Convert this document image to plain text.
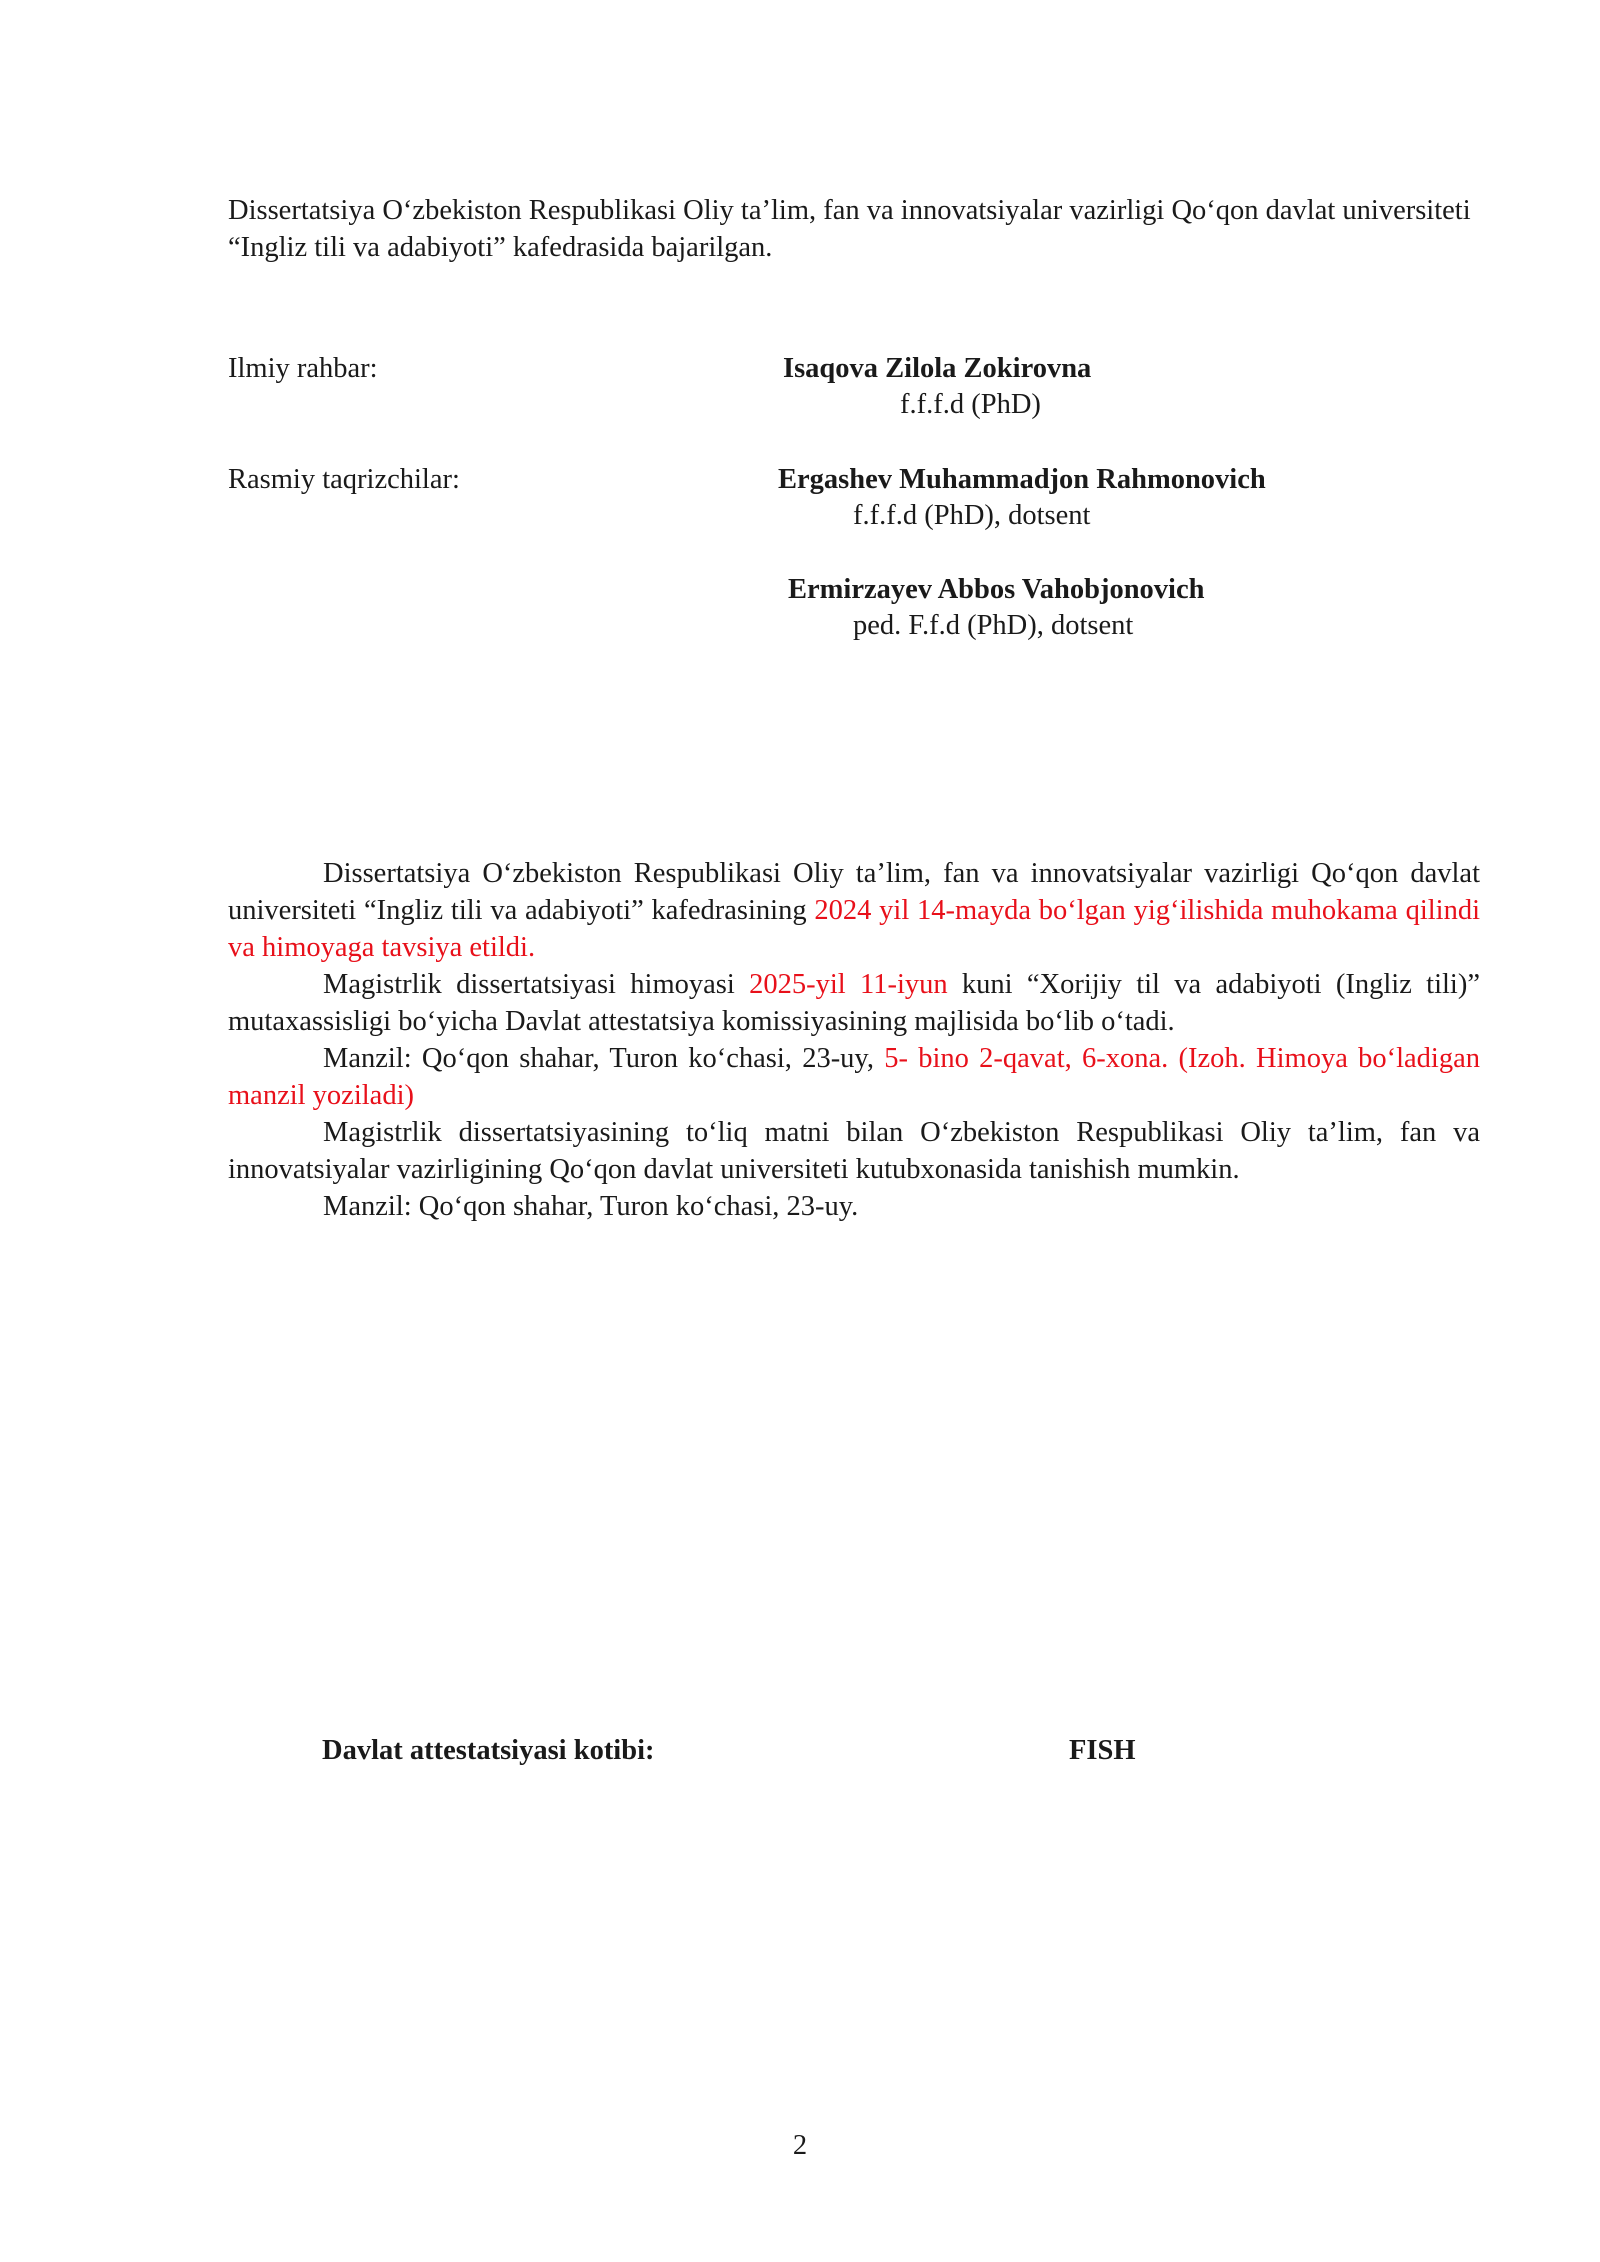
Dissertatsiya O‘zbekiston Respublikasi Oliy ta’lim, fan va innovatsiyalar vazirligi Qo‘qon davlat universiteti “Ingliz tili va adabiyoti” kafedrasida bajarilgan.

Ilmiy rahbar:	Isaqova Zilola Zokirovna
f.f.f.d (PhD)
Rasmiy taqrizchilar:	Ergashev Muhammadjon Rahmonovich
f.f.f.d (PhD), dotsent
Ermirzayev Abbos Vahobjonovich
ped. F.f.d (PhD), dotsent

Dissertatsiya O‘zbekiston Respublikasi Oliy ta’lim, fan va innovatsiyalar vazirligi Qo‘qon davlat universiteti “Ingliz tili va adabiyoti” kafedrasining 2024 yil 14-mayda bo‘lgan yig‘ilishida muhokama qilindi va himoyaga tavsiya etildi.

Magistrlik dissertatsiyasi himoyasi 2025-yil 11-iyun kuni “Xorijiy til va adabiyoti (Ingliz tili)” mutaxassisligi bo‘yicha Davlat attestatsiya komissiyasining majlisida bo‘lib o‘tadi.

Manzil: Qo‘qon shahar, Turon ko‘chasi, 23-uy, 5- bino 2-qavat, 6-xona. (Izoh. Himoya bo‘ladigan manzil yoziladi)

Magistrlik dissertatsiyasining to‘liq matni bilan O‘zbekiston Respublikasi Oliy ta’lim, fan va innovatsiyalar vazirligining Qo‘qon davlat universiteti kutubxonasida tanishish mumkin.

Manzil: Qo‘qon shahar, Turon ko‘chasi, 23-uy.

Davlat attestatsiyasi kotibi:	FISH
2
